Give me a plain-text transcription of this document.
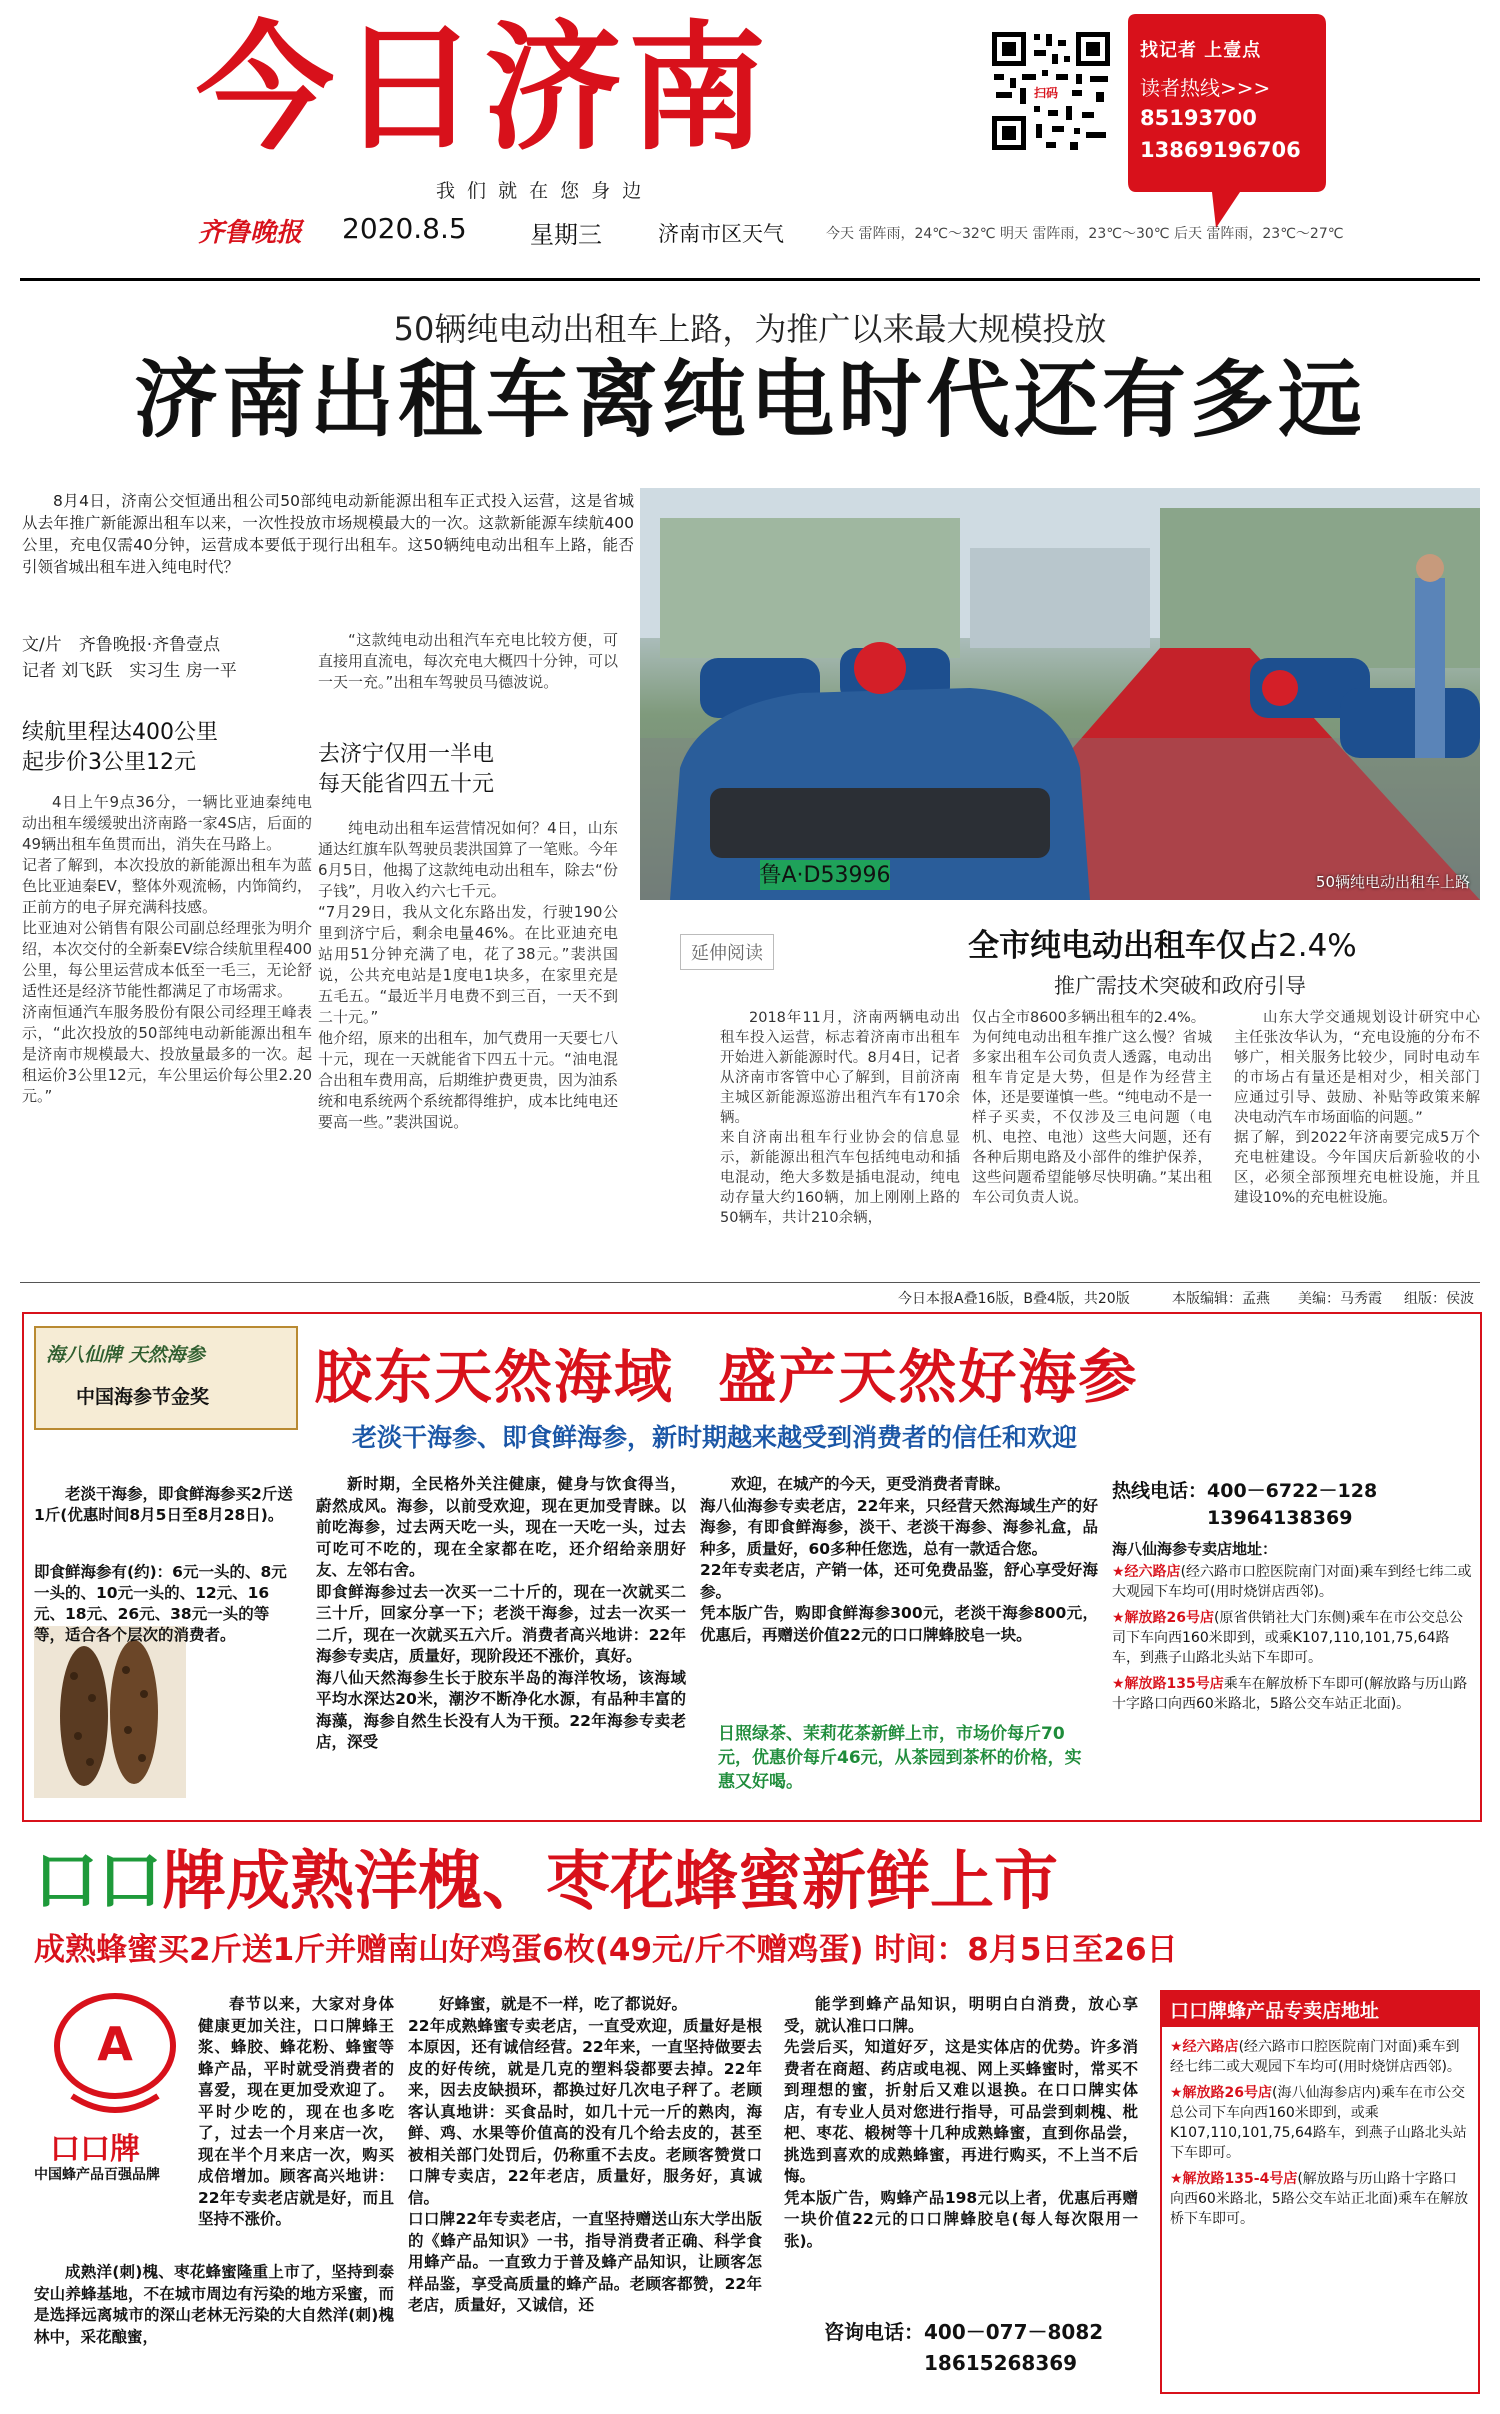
今日济南
我 们 就 在 您 身 边
扫码
找记者 上壹点
读者热线>>>
85193700
13869196706
齐鲁晚报 2020.8.5	星期三	济南市区天气	今天 雷阵雨，24℃～32℃ 明天 雷阵雨，23℃～30℃ 后天 雷阵雨，23℃～27℃
50辆纯电动出租车上路，为推广以来最大规模投放
济南出租车离纯电时代还有多远

8月4日，济南公交恒通出租公司50部纯电动新能源出租车正式投入运营，这是省城从去年推广新能源出租车以来，一次性投放市场规模最大的一次。这款新能源车续航400公里，充电仅需40分钟，运营成本要低于现行出租车。这50辆纯电动出租车上路，能否引领省城出租车进入纯电时代？

文/片　齐鲁晚报·齐鲁壹点
记者 刘飞跃　实习生 房一平
续航里程达400公里
起步价3公里12元
4日上午9点36分，一辆比亚迪秦纯电动出租车缓缓驶出济南路一家4S店，后面的49辆出租车鱼贯而出，消失在马路上。
记者了解到，本次投放的新能源出租车为蓝色比亚迪秦EV，整体外观流畅，内饰简约，正前方的电子屏充满科技感。
比亚迪对公销售有限公司副总经理张为明介绍，本次交付的全新秦EV综合续航里程400公里，每公里运营成本低至一毛三，无论舒适性还是经济节能性都满足了市场需求。
济南恒通汽车服务股份有限公司经理王峰表示，“此次投放的50部纯电动新能源出租车是济南市规模最大、投放量最多的一次。起租运价3公里12元，车公里运价每公里2.20元。”
“这款纯电动出租汽车充电比较方便，可直接用直流电，每次充电大概四十分钟，可以一天一充。”出租车驾驶员马德波说。
去济宁仅用一半电
每天能省四五十元
纯电动出租车运营情况如何？4日，山东通达红旗车队驾驶员裴洪国算了一笔账。今年6月5日，他揭了这款纯电动出租车，除去“份子钱”，月收入约六七千元。
“7月29日，我从文化东路出发，行驶190公里到济宁后，剩余电量46%。在比亚迪充电站用51分钟充满了电，花了38元。”裴洪国说，公共充电站是1度电1块多，在家里充是五毛五。“最近半月电费不到三百，一天不到二十元。”
他介绍，原来的出租车，加气费用一天要七八十元，现在一天就能省下四五十元。“油电混合出租车费用高，后期维护费更贵，因为油系统和电系统两个系统都得维护，成本比纯电还要高一些。”裴洪国说。
鲁A·D53996	50辆纯电动出租车上路
延伸阅读	全市纯电动出租车仅占2.4%
推广需技术突破和政府引导
2018年11月，济南两辆电动出租车投入运营，标志着济南市出租车开始进入新能源时代。8月4日，记者从济南市客管中心了解到，目前济南主城区新能源巡游出租汽车有170余辆。
来自济南出租车行业协会的信息显示，新能源出租汽车包括纯电动和插电混动，绝大多数是插电混动，纯电动存量大约160辆，加上刚刚上路的50辆车，共计210余辆，
仅占全市8600多辆出租车的2.4%。
为何纯电动出租车推广这么慢？省城多家出租车公司负责人透露，电动出租车肯定是大势，但是作为经营主体，还是要谨慎一些。“纯电动不是一样子买卖，不仅涉及三电问题（电机、电控、电池）这些大问题，还有各种后期电路及小部件的维护保养，这些问题希望能够尽快明确。”某出租车公司负责人说。
山东大学交通规划设计研究中心主任张汝华认为，“充电设施的分布不够广，相关服务比较少，同时电动车的市场占有量还是相对少，相关部门应通过引导、鼓励、补贴等政策来解决电动汽车市场面临的问题。”
据了解，到2022年济南要完成5万个充电桩建设。今年国庆后新验收的小区，必须全部预埋充电桩设施，并且建设10%的充电桩设施。
今日本报A叠16版，B叠4版，共20版	本版编辑：孟燕 美编：马秀霞 组版：侯波
海八仙牌 天然海参
中国海参节金奖 胶东天然海域  盛产天然好海参
老淡干海参、即食鲜海参，新时期越来越受到消费者的信任和欢迎
老淡干海参，即食鲜海参买2斤送1斤(优惠时间8月5日至8月28日)。
即食鲜海参有(约)：6元一头的、8元一头的、10元一头的、12元、16元、18元、26元、38元一头的等等，适合各个层次的消费者。
新时期，全民格外关注健康，健身与饮食得当，蔚然成风。海参，以前受欢迎，现在更加受青睐。以前吃海参，过去两天吃一头，现在一天吃一头，过去可吃可不吃的，现在全家都在吃，还介绍给亲朋好友、左邻右舍。
即食鲜海参过去一次买一二十斤的，现在一次就买二三十斤，回家分享一下；老淡干海参，过去一次买一二斤，现在一次就买五六斤。消费者高兴地讲：22年海参专卖店，质量好，现阶段还不涨价，真好。
海八仙天然海参生长于胶东半岛的海洋牧场，该海域平均水深达20米，潮汐不断净化水源，有品种丰富的海藻，海参自然生长没有人为干预。22年海参专卖老店，深受
欢迎，在城产的今天，更受消费者青睐。
海八仙海参专卖老店，22年来，只经营天然海域生产的好海参，有即食鲜海参，淡干、老淡干海参、海参礼盒，品种多，质量好，60多种任您选，总有一款适合您。
22年专卖老店，产销一体，还可免费品鉴，舒心享受好海参。
凭本版广告，购即食鲜海参300元，老淡干海参800元，优惠后，再赠送价值22元的口口牌蜂胶皂一块。
日照绿茶、茉莉花茶新鲜上市，市场价每斤70元，优惠价每斤46元，从茶园到茶杯的价格，实惠又好喝。
热线电话：400－6722－128
13964138369
海八仙海参专卖店地址：
★经六路店(经六路市口腔医院南门对面)乘车到经七纬二或大观园下车均可(用时烧饼店西邻)。
★解放路26号店(原省供销社大门东侧)乘车在市公交总公司下车向西160米即到，或乘K107,110,101,75,64路车，到燕子山路北头站下车即可。
★解放路135号店乘车在解放桥下车即可(解放路与历山路十字路口向西60米路北，5路公交车站正北面)。
口口牌成熟洋槐、枣花蜂蜜新鲜上市
成熟蜂蜜买2斤送1斤并赠南山好鸡蛋6枚(49元/斤不赠鸡蛋) 时间：8月5日至26日
A
口口牌
中国蜂产品百强品牌
春节以来，大家对身体健康更加关注，口口牌蜂王浆、蜂胶、蜂花粉、蜂蜜等蜂产品，平时就受消费者的喜爱，现在更加受欢迎了。平时少吃的，现在也多吃了，过去一个月来店一次，现在半个月来店一次，购买成倍增加。顾客高兴地讲：22年专卖老店就是好，而且坚持不涨价。
成熟洋(刺)槐、枣花蜂蜜隆重上市了，坚持到泰安山养蜂基地，不在城市周边有污染的地方采蜜，而是选择远离城市的深山老林无污染的大自然洋(刺)槐林中，采花酿蜜，
好蜂蜜，就是不一样，吃了都说好。
22年成熟蜂蜜专卖老店，一直受欢迎，质量好是根本原因，还有诚信经营。22年来，一直坚持做要去皮的好传统，就是几克的塑料袋都要去掉。22年来，因去皮缺损环，都换过好几次电子秤了。老顾客认真地讲：买食品时，如几十元一斤的熟肉，海鲜、鸡、水果等价值高的没有几个给去皮的，甚至被相关部门处罚后，仍称重不去皮。老顾客赞赏口口牌专卖店，22年老店，质量好，服务好，真诚信。
口口牌22年专卖老店，一直坚持赠送山东大学出版的《蜂产品知识》一书，指导消费者正确、科学食用蜂产品。一直致力于普及蜂产品知识，让顾客怎样品鉴，享受高质量的蜂产品。老顾客都赞，22年老店，质量好，又诚信，还
能学到蜂产品知识，明明白白消费，放心享受，就认准口口牌。
先尝后买，知道好歹，这是实体店的优势。许多消费者在商超、药店或电视、网上买蜂蜜时，常买不到理想的蜜，折射后又难以退换。在口口牌实体店，有专业人员对您进行指导，可品尝到刺槐、枇杷、枣花、椴树等十几种成熟蜂蜜，直到你品尝，挑选到喜欢的成熟蜂蜜，再进行购买，不上当不后悔。
凭本版广告，购蜂产品198元以上者，优惠后再赠一块价值22元的口口牌蜂胶皂(每人每次限用一张)。
咨询电话：400－077－8082
18615268369
口口牌蜂产品专卖店地址
★经六路店(经六路市口腔医院南门对面)乘车到经七纬二或大观园下车均可(用时烧饼店西邻)。
★解放路26号店(海八仙海参店内)乘车在市公交总公司下车向西160米即到，或乘K107,110,101,75,64路车，到燕子山路北头站下车即可。
★解放路135-4号店(解放路与历山路十字路口向西60米路北，5路公交车站正北面)乘车在解放桥下车即可。
